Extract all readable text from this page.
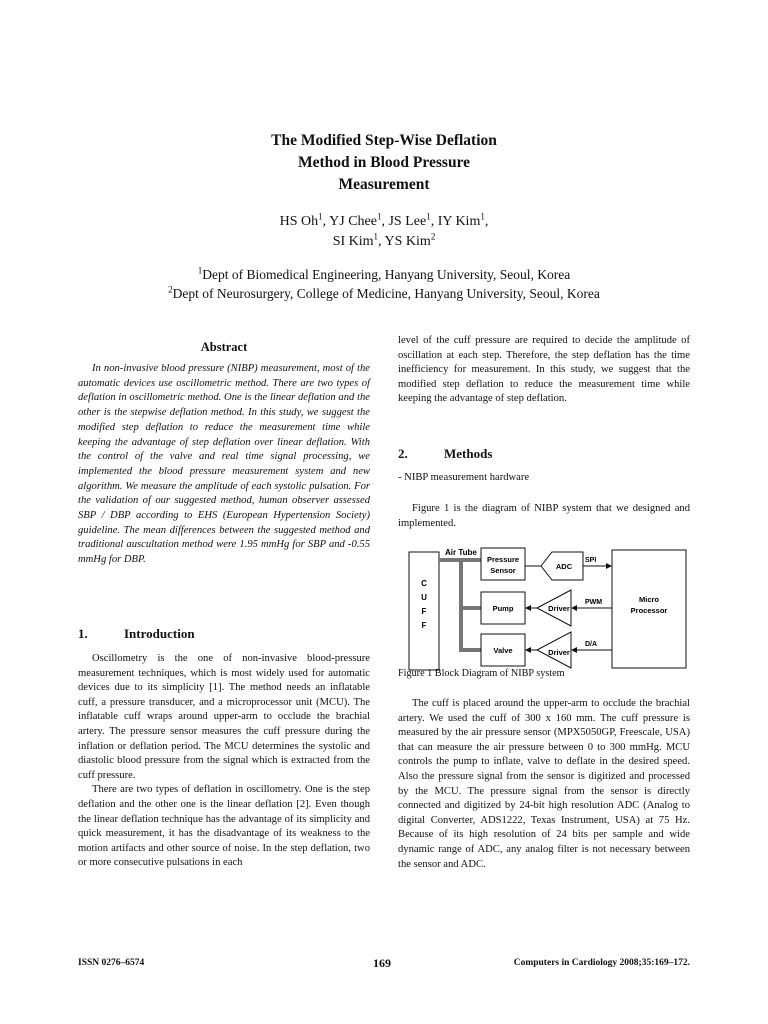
The Modified Step-Wise Deflation
Method in Blood Pressure
Measurement
HS Oh$^1$, YJ Chee$^1$, JS Lee$^1$, IY Kim$^1$,
SI Kim$^1$, YS Kim$^2$
$^1$Dept of Biomedical Engineering, Hanyang University, Seoul, Korea
$^2$Dept of Neurosurgery, College of Medicine, Hanyang University, Seoul, Korea
Abstract

In non-invasive blood pressure (NIBP) measurement, most of the automatic devices use oscillometric method. There are two types of deflation in oscillometric method. One is the linear deflation and the other is the stepwise deflation method. In this study, we suggest the modified step deflation to reduce the measurement time while keeping the advantage of step deflation over linear deflation. With the control of the valve and real time signal processing, we implemented the blood pressure measurement system and new algorithm. We measure the amplitude of each systolic pulsation. For the validation of our suggested method, human observer assessed SBP / DBP according to EHS (European Hypertension Society) guideline. The mean differences between the suggested method and traditional auscultation method were 1.95 mmHg for SBP and -0.55 mmHg for DBP.

1.	Introduction

Oscillometry is the one of non-invasive blood-pressure measurement techniques, which is most widely used for automatic devices due to its simplicity [1]. The method needs an inflatable cuff, a pressure transducer, and a microprocessor unit (MCU). The inflatable cuff wraps around upper-arm to occlude the brachial artery. The pressure sensor measures the cuff pressure during the inflation or deflation period. The MCU determines the systolic and diastolic blood pressure from the signal which is extracted from the cuff pressure.

There are two types of deflation in oscillometry. One is the step deflation and the other one is the linear deflation [2]. Even though the linear deflation technique has the advantage of its simplicity and quick measurement, it has the disadvantage of its weakness to the motion artifacts and other source of noise. In the step deflation, two or more consecutive pulsations in each

level of the cuff pressure are required to decide the amplitude of oscillation at each step. Therefore, the step deflation has the time inefficiency for measurement. In this study, we suggest that the modified step deflation to reduce the measurement time while keeping the advantage of step deflation.

2.	Methods
- NIBP measurement hardware

Figure 1 is the diagram of NIBP system that we designed and implemented.

C
U
F
F
Air Tube
Pressure
Sensor
Pump
Valve
ADC
Driver
Driver
Micro
Processor
SPI
PWM
D/A
Figure 1 Block Diagram of NIBP system

The cuff is placed around the upper-arm to occlude the brachial artery. We used the cuff of 300 x 160 mm. The cuff pressure is measured by the air pressure sensor (MPX5050GP, Freescale, USA) that can measure the air pressure between 0 to 300 mmHg. MCU controls the pump to inflate, valve to deflate in the desired speed. Also the pressure signal from the sensor is digitized and processed by the MCU. The pressure signal from the sensor is directly connected and digitized by 24-bit high resolution ADC (Analog to digital Converter, ADS1222, Texas Instrument, USA) at 75 Hz. Because of its high resolution of 24 bits per sample and wide dynamic range of ADC, any analog filter is not necessary between the sensor and ADC.

ISSN 0276–6574	169	Computers in Cardiology 2008;35:169–172.
